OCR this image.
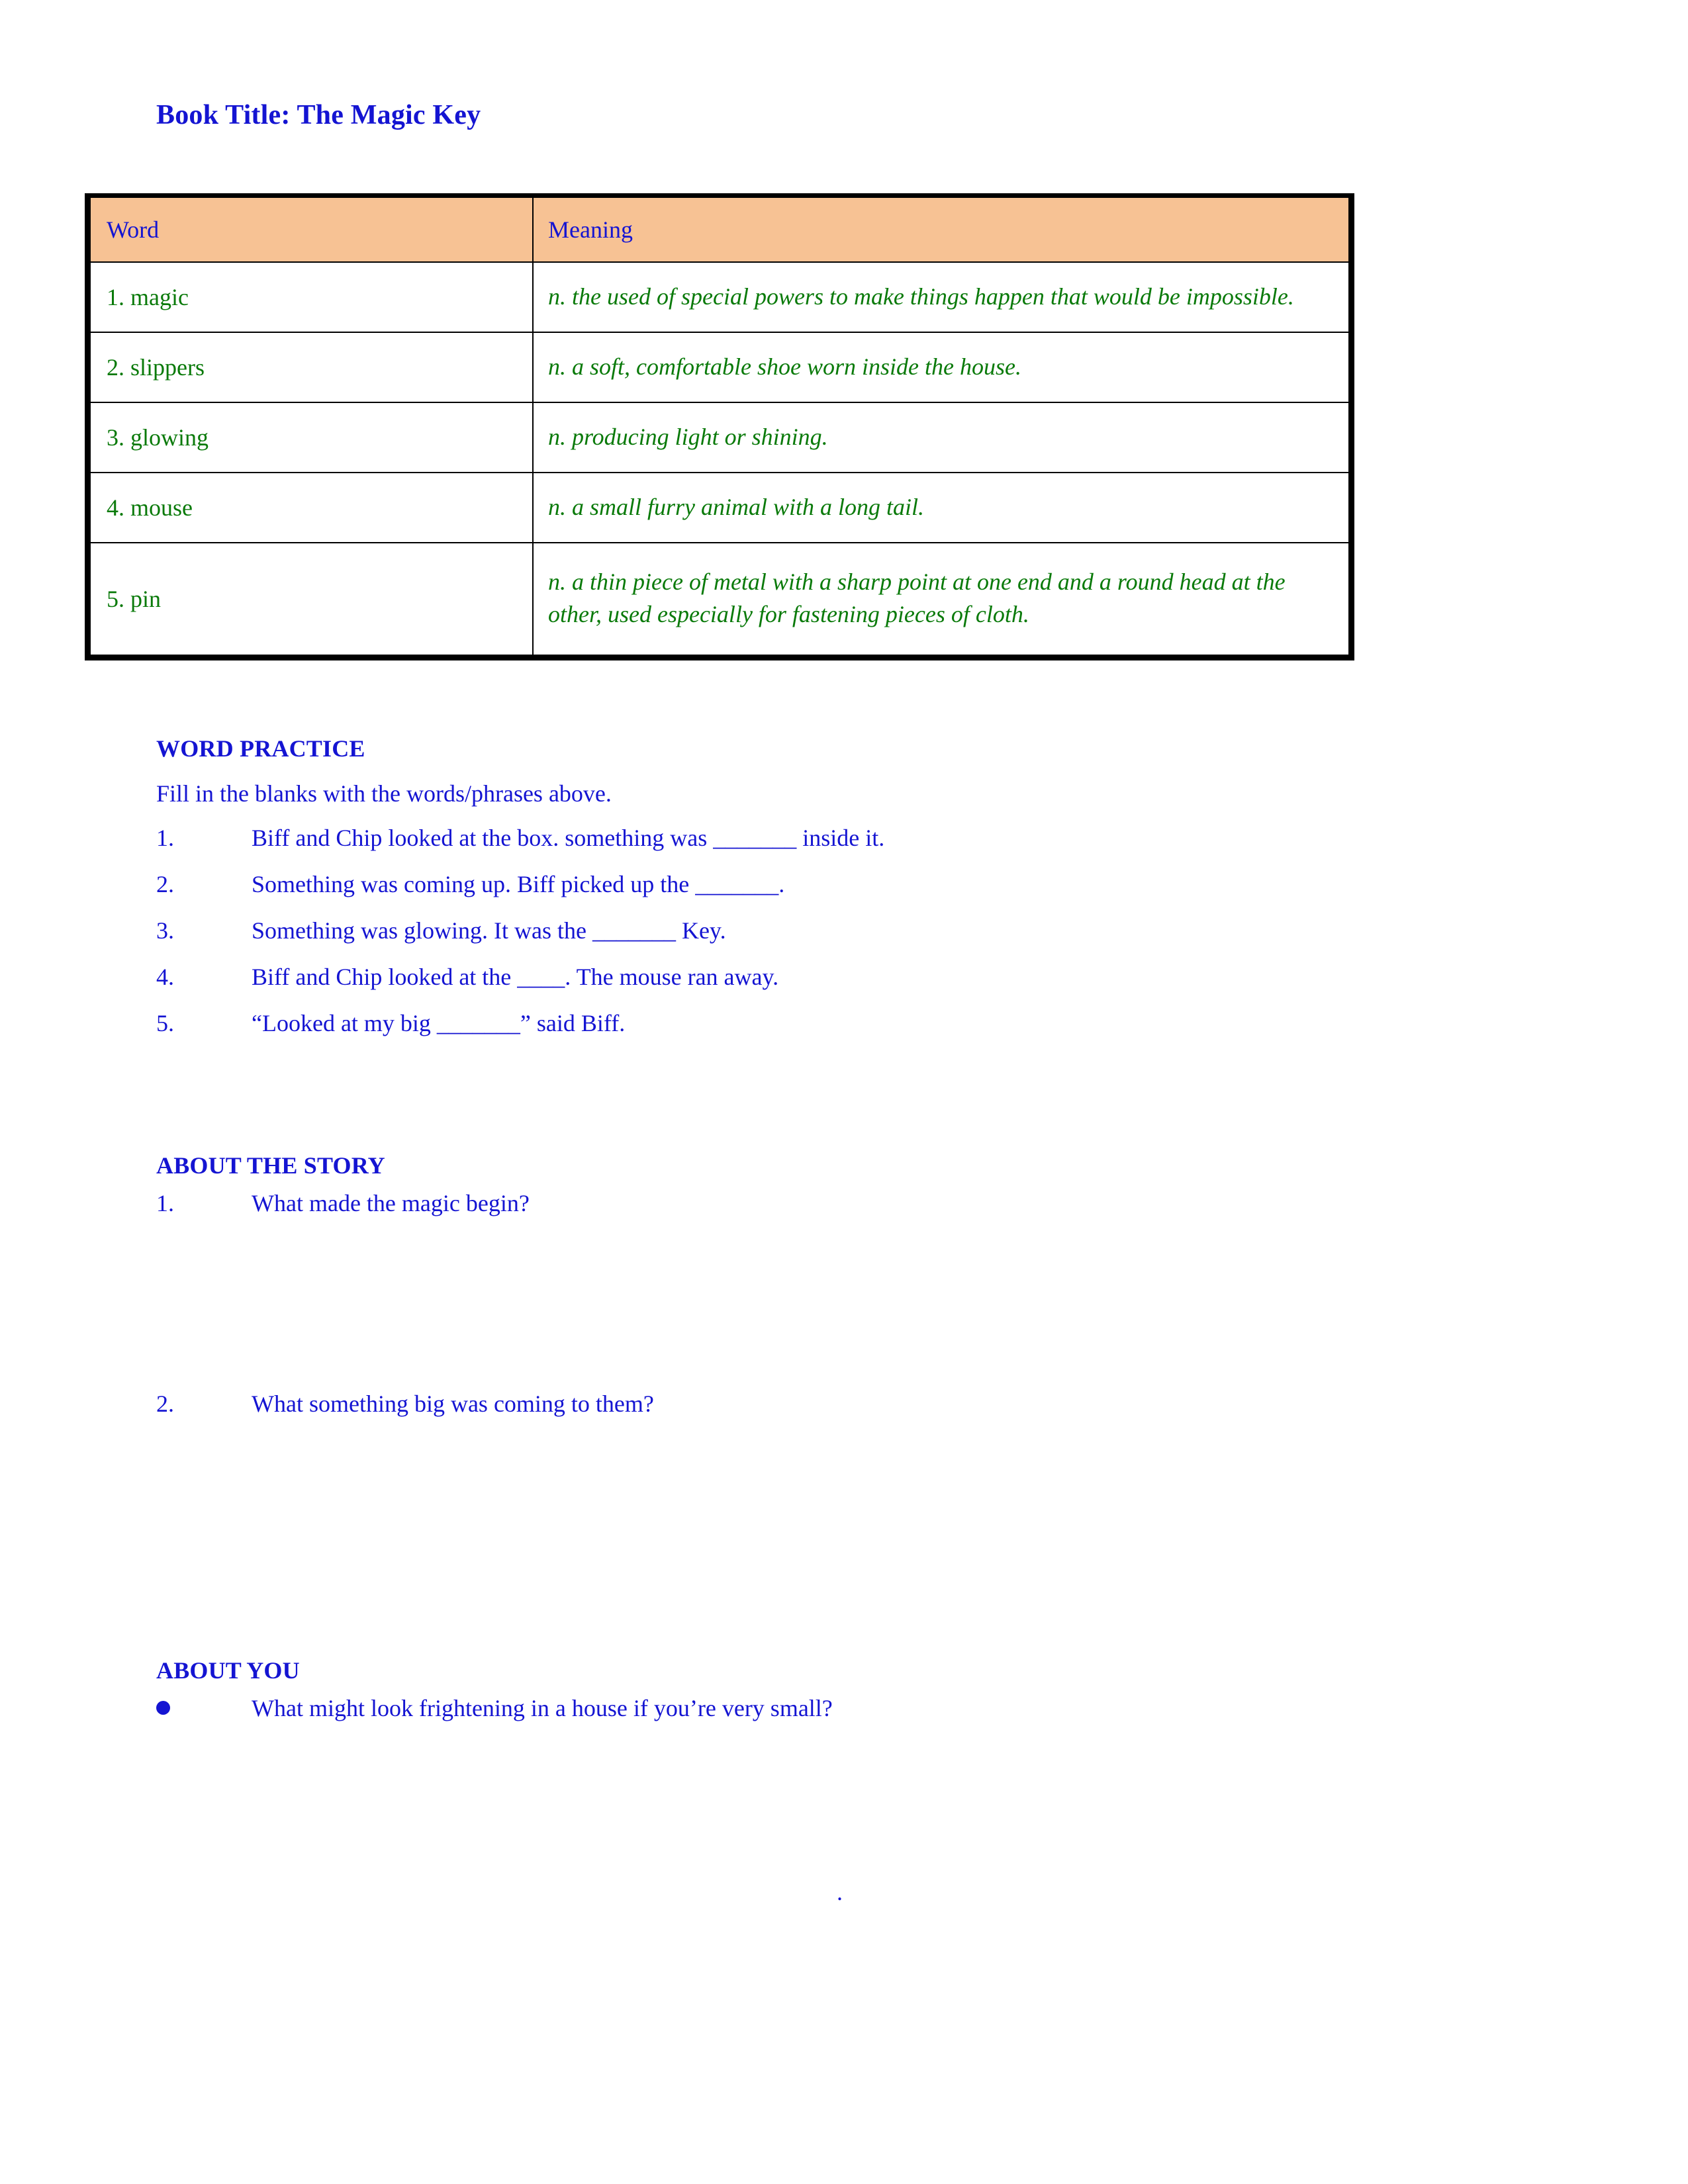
Book Title: The Magic Key
Word	Meaning

1. magic	n. the used of special powers to make things happen that would be impossible.

2. slippers	n. a soft, comfortable shoe worn inside the house.

3. glowing	n. producing light or shining.

4. mouse	n. a small furry animal with a long tail.

5. pin	n. a thin piece of metal with a sharp point at one end and a round head at the other, used especially for fastening pieces of cloth.
WORD PRACTICE
Fill in the blanks with the words/phrases above.
1.	Biff and Chip looked at the box. something was _______ inside it.
2.	Something was coming up. Biff picked up the _______.
3.	Something was glowing. It was the _______ Key.
4.	Biff and Chip looked at the ____. The mouse ran away.
5.	“Looked at my big _______” said Biff.
ABOUT THE STORY
1.	What made the magic begin?
2.	What something big was coming to them?
ABOUT YOU
What might look frightening in a house if you’re very small?
.
